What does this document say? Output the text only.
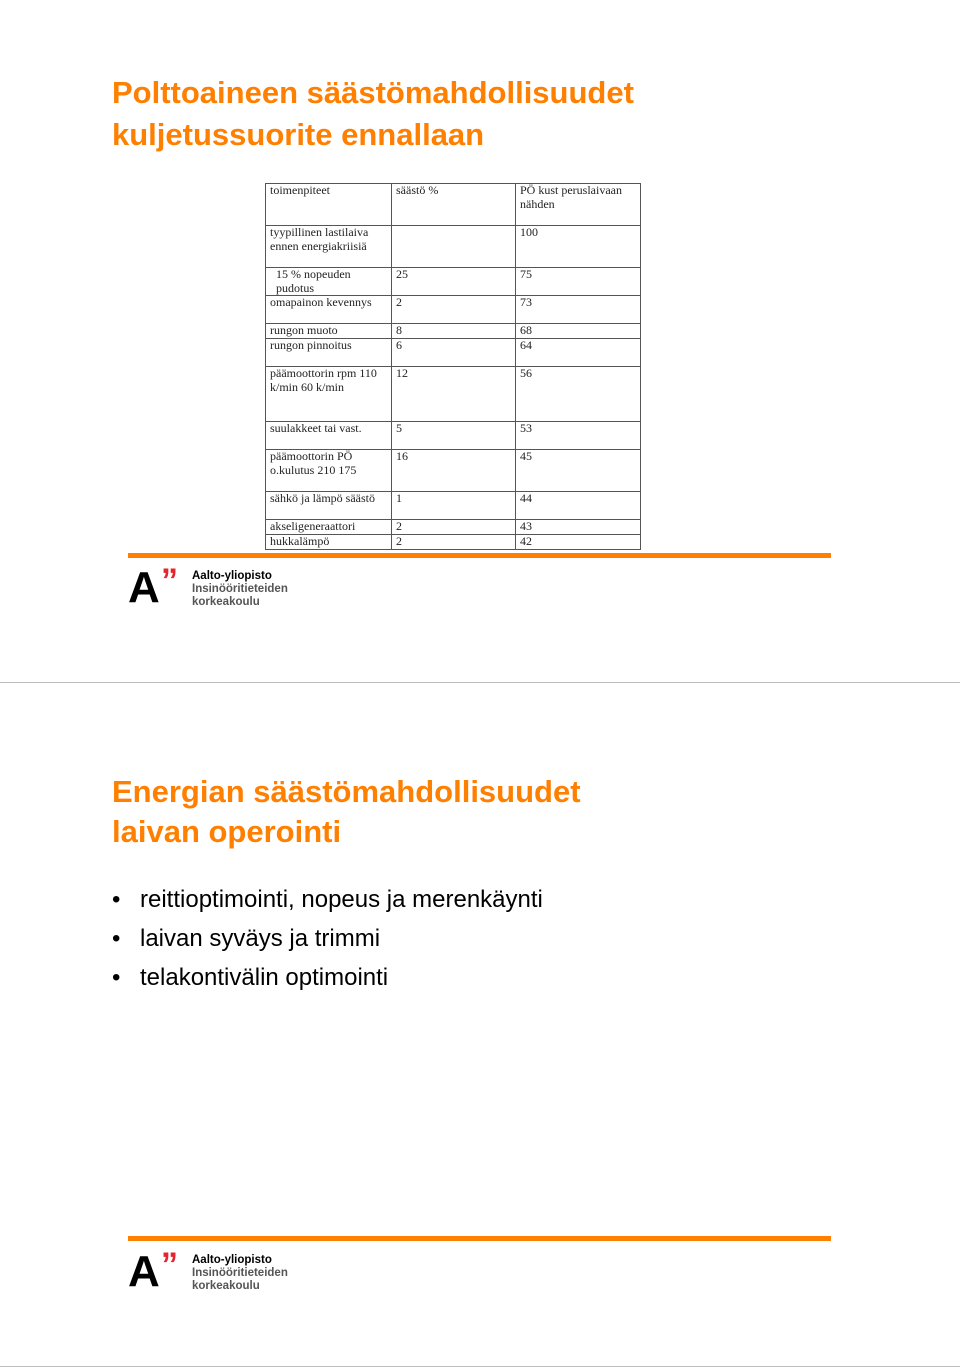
Polttoaineen säästömahdollisuudet
kuljetussuorite ennallaan
toimenpiteet	säästö %	PÖ kust peruslaivaan nähden
tyypillinen lastilaiva ennen energiakriisiä		100
15 % nopeuden pudotus	25	75
omapainon kevennys	2	73
rungon muoto	8	68
rungon pinnoitus	6	64
päämoottorin rpm 110 k/min 60 k/min	12	56
suulakkeet tai vast.	5	53
päämoottorin PÖ o.kulutus 210 175	16	45
sähkö ja lämpö säästö	1	44
akseligeneraattori	2	43
hukkalämpö	2	42
A ” Aalto-yliopisto
Insinööritieteiden
korkeakoulu
Energian säästömahdollisuudet
laivan operointi
• reittioptimointi, nopeus ja merenkäynti
• laivan syväys ja trimmi
• telakontivälin optimointi
A ” Aalto-yliopisto
Insinööritieteiden
korkeakoulu
